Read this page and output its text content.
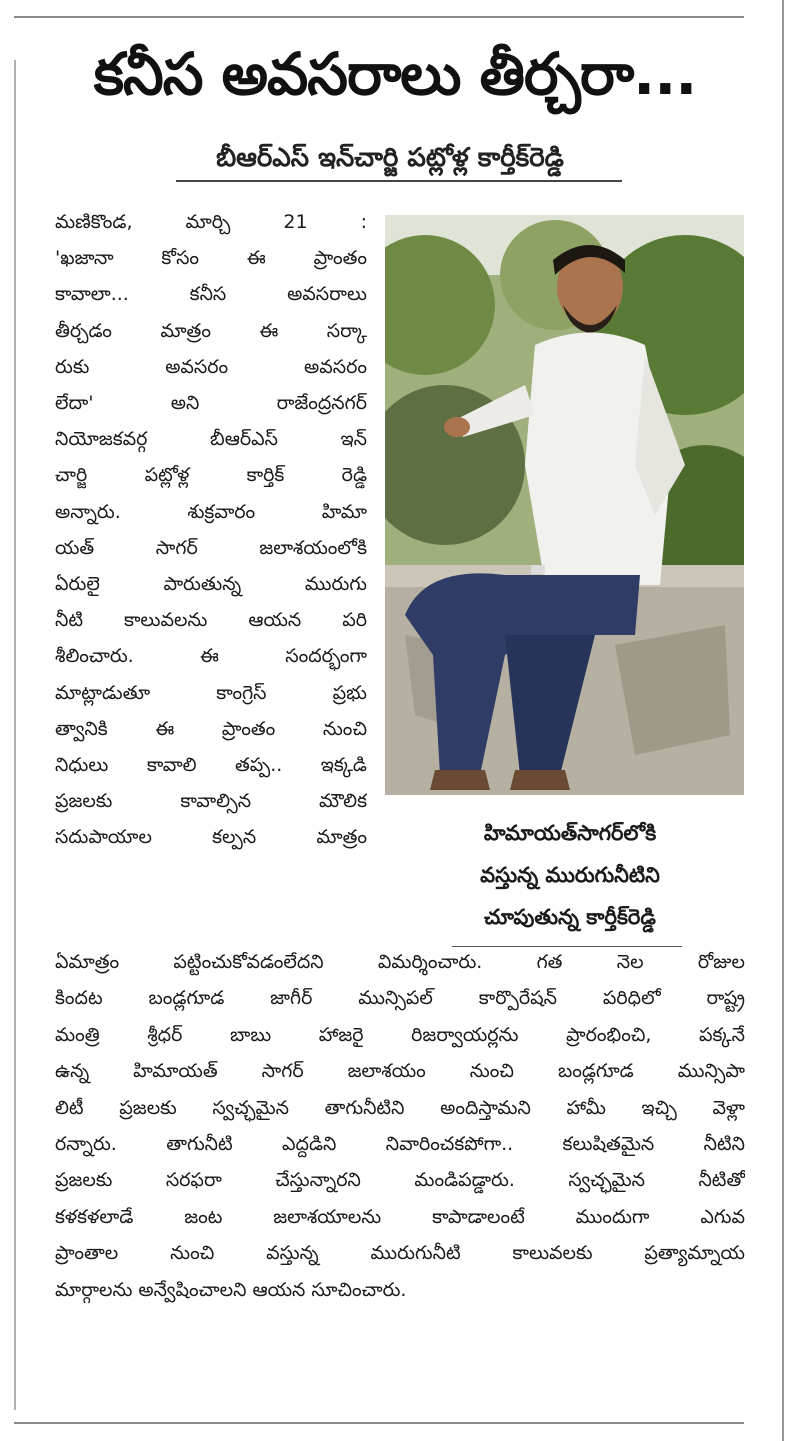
కనీస అవసరాలు తీర్చరా...
బీఆర్‌ఎస్‌ ఇన్‌చార్జి పట్లోళ్ల కార్తీక్‌రెడ్డి
మణికొండ, మార్చి 21 :
'ఖజానా కోసం ఈ ప్రాంతం
కావాలా... కనీస అవసరాలు
తీర్చడం మాత్రం ఈ సర్కా
రుకు అవసరం అవసరం
లేదా' అని రాజేంద్రనగర్‌
నియోజకవర్గ బీఆర్‌ఎస్‌ ఇన్‌
చార్జి పట్లోళ్ల కార్తిక్‌ రెడ్డి
అన్నారు. శుక్రవారం హిమా
యత్‌ సాగర్‌ జలాశయంలోకి
ఏరులై పారుతున్న మురుగు
నీటి కాలువలను ఆయన పరి
శీలించారు. ఈ సందర్భంగా
మాట్లాడుతూ కాంగ్రెస్‌ ప్రభు
త్వానికి ఈ ప్రాంతం నుంచి
నిధులు కావాలి తప్ప.. ఇక్కడి
ప్రజలకు కావాల్సిన మౌలిక
సదుపాయాల కల్పన మాత్రం	హిమాయత్‌సాగర్‌లోకి
వస్తున్న మురుగునీటిని
చూపుతున్న కార్తీక్‌రెడ్డి
ఏమాత్రం పట్టించుకోవడంలేదని విమర్శించారు. గత నెల రోజుల
కిందట బండ్లగూడ జాగీర్‌ మున్సిపల్‌ కార్పొరేషన్‌ పరిధిలో రాష్ట్ర
మంత్రి శ్రీధర్‌ బాబు హాజరై రిజర్వాయర్లను ప్రారంభించి, పక్కనే
ఉన్న హిమాయత్‌ సాగర్‌ జలాశయం నుంచి బండ్లగూడ మున్సిపా
లిటీ ప్రజలకు స్వచ్ఛమైన తాగునీటిని అందిస్తామని హామీ ఇచ్చి వెళ్లా
రన్నారు. తాగునీటి ఎద్దడిని నివారించకపోగా.. కలుషితమైన నీటిని
ప్రజలకు సరఫరా చేస్తున్నారని మండిపడ్డారు. స్వచ్ఛమైన నీటితో
కళకళలాడే జంట జలాశయాలను కాపాడాలంటే ముందుగా ఎగువ
ప్రాంతాల నుంచి వస్తున్న మురుగునీటి కాలువలకు ప్రత్యామ్నాయ
మార్గాలను అన్వేషించాలని ఆయన సూచించారు.
